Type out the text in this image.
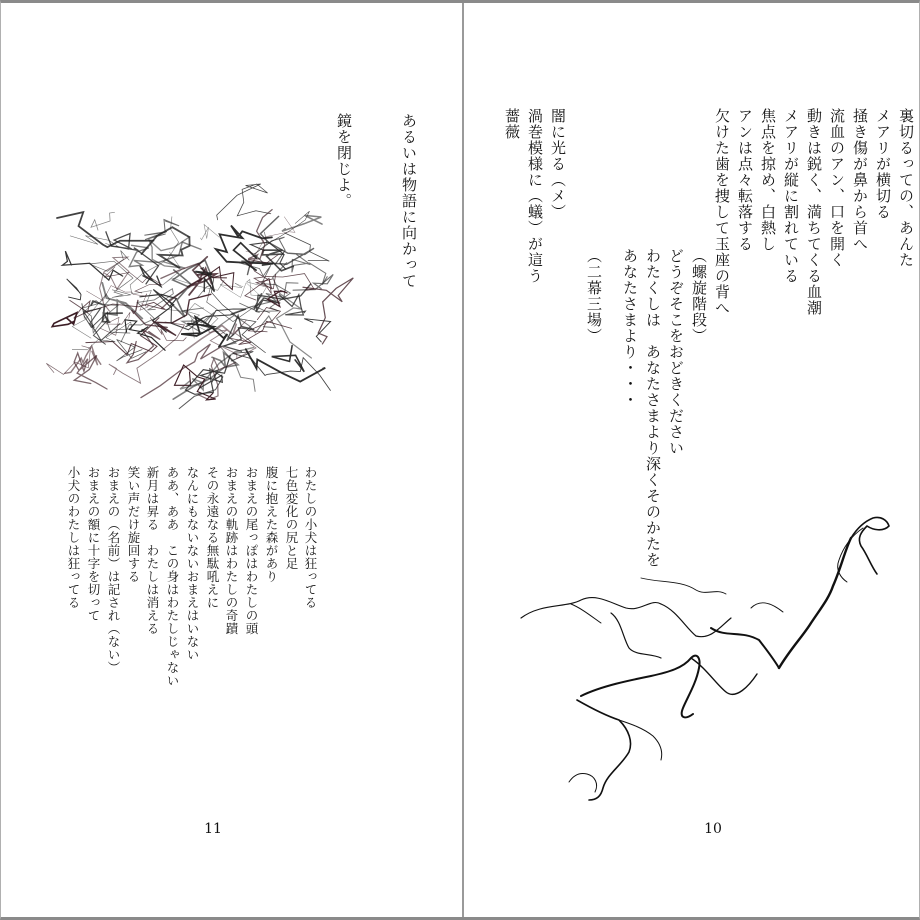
あるいは物語に向かって
鏡を閉じよ。
わたしの小犬は狂ってる
七色変化の尻と足
腹に抱えた森があり
おまえの尾っぽはわたしの頭
おまえの軌跡はわたしの奇蹟
その永遠なる無駄吼えに
なんにもないないおまえはいない
ああ、ああ　この身はわたしじゃない
新月は昇る　わたしは消える
笑い声だけ旋回する
おまえの（名前）は記され（ない）
おまえの額に十字を切って
小犬のわたしは狂ってる
11
裏切るっての、あんた
メアリが横切る
掻き傷が鼻から首へ
流血のアン、口を開く
動きは鋭く、満ちてくる血潮
メアリが縦に割れている
焦点を掠め、白熱し
アンは点々転落する
欠けた歯を捜して玉座の背へ
（螺旋階段）
どうぞそこをおどきください
わたくしは　あなたさまより深くそのかたを
あなたさまより・・・
（二幕三場）
闇に光る（メ）
渦巻模様に（蟻）が這う
薔薇
10
